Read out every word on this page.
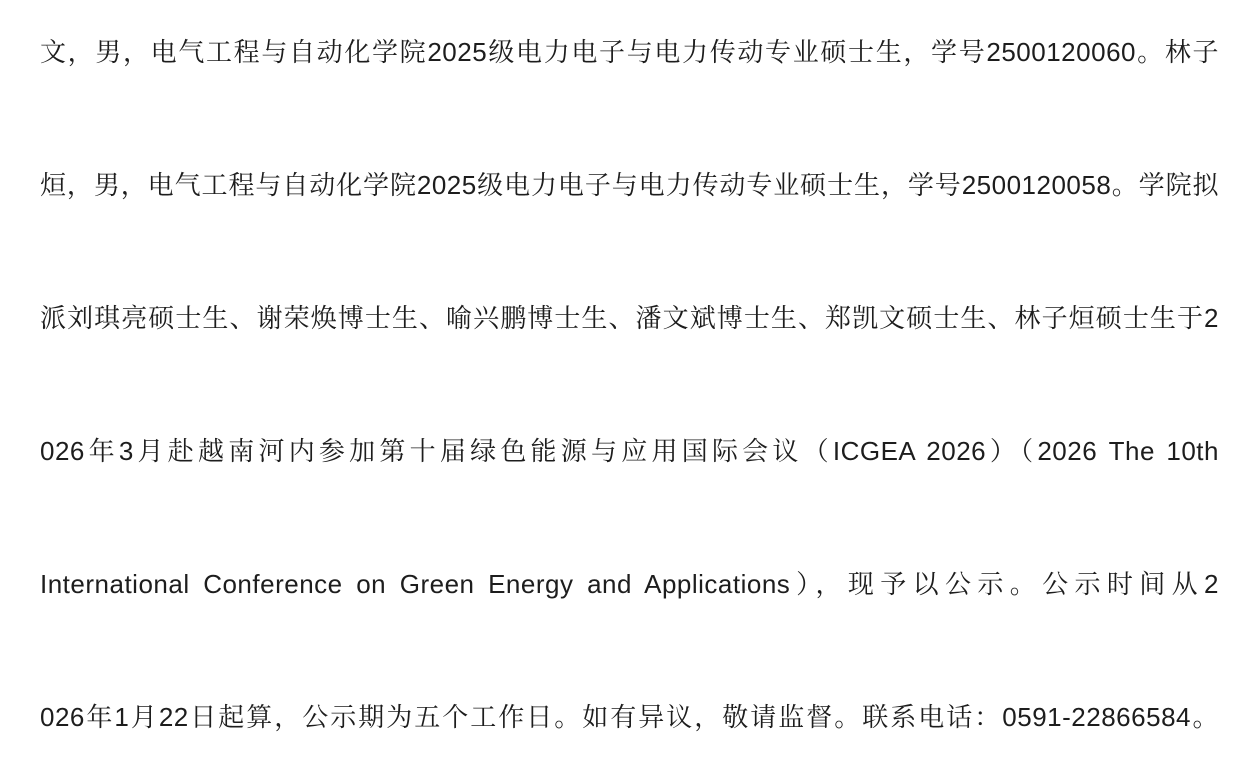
文，男，电气工程与自动化学院2025级电力电子与电力传动专业硕士生，学号2500120060。林子
烜，男，电气工程与自动化学院2025级电力电子与电力传动专业硕士生，学号2500120058。学院拟
派刘琪亮硕士生、谢荣焕博士生、喻兴鹏博士生、潘文斌博士生、郑凯文硕士生、林子烜硕士生于2
026年3月赴越南河内参加第十届绿色能源与应用国际会议（ICGEA 2026）（2026 The 10th
International Conference on Green Energy and Applications），现予以公示。公示时间从2
026年1月22日起算，公示期为五个工作日。如有异议，敬请监督。联系电话：0591-22866584。
